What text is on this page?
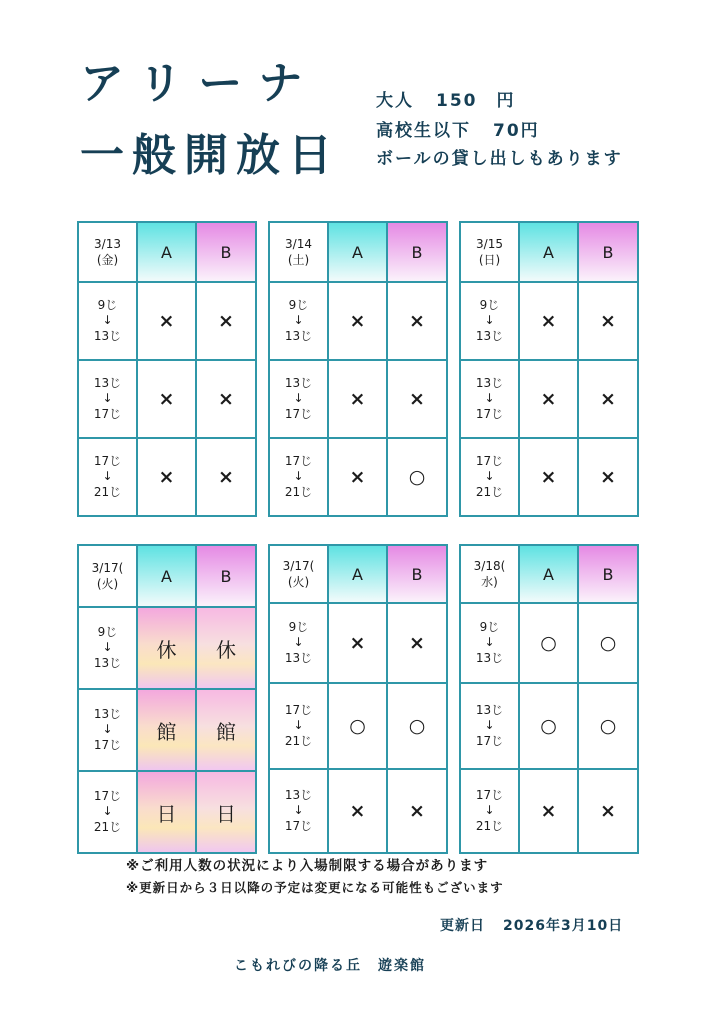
アリーナ
一般開放日

大人 150　円

高校生以下 70円

ボールの貸し出しもあります

3/13
(金)	A	B
9じ
↓
13じ	×	×
13じ
↓
17じ	×	×
17じ
↓
21じ	×	×
3/14
(土)	A	B
9じ
↓
13じ	×	×
13じ
↓
17じ	×	×
17じ
↓
21じ	×	○
3/15
(日)	A	B
9じ
↓
13じ	×	×
13じ
↓
17じ	×	×
17じ
↓
21じ	×	×
3/17(
(火)	A	B
9じ
↓
13じ	休	休
13じ
↓
17じ	館	館
17じ
↓
21じ	日	日
3/17(
(火)	A	B
9じ
↓
13じ	×	×
17じ
↓
21じ	○	○
13じ
↓
17じ	×	×
3/18(
水)	A	B
9じ
↓
13じ	○	○
13じ
↓
17じ	○	○
17じ
↓
21じ	×	×

※ご利用人数の状況により入場制限する場合があります

※更新日から３日以降の予定は変更になる可能性もございます

更新日 2026年3月10日

こもれびの降る丘　遊楽館
